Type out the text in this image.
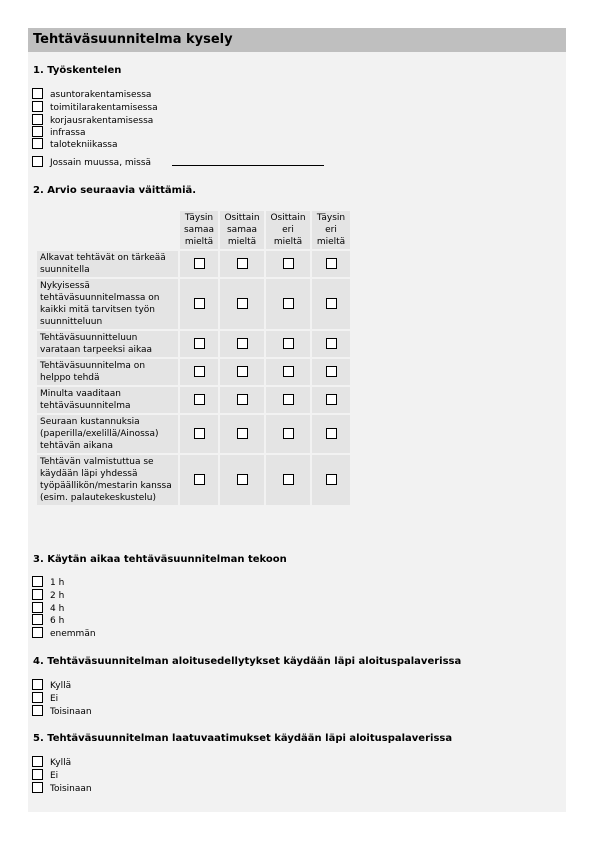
Tehtäväsuunnitelma kysely
1. Työskentelen
asuntorakentamisessa
toimitilarakentamisessa
korjausrakentamisessa
infrassa
talotekniikassa
Jossain muussa, missä
2. Arvio seuraavia väittämiä.
	Täysin samaa mieltä	Osittain samaa mieltä	Osittain eri mieltä	Täysin eri mieltä
Alkavat tehtävät on tärkeää suunnitella				
Nykyisessä tehtäväsuunnitelmassa on kaikki mitä tarvitsen työn suunnitteluun				
Tehtäväsuunnitteluun varataan tarpeeksi aikaa				
Tehtäväsuunnitelma on helppo tehdä				
Minulta vaaditaan tehtäväsuunnitelma				
Seuraan kustannuksia (paperilla/exelillä/Ainossa) tehtävän aikana				
Tehtävän valmistuttua se käydään läpi yhdessä työpäällikön/mestarin kanssa (esim. palautekeskustelu)				
3. Käytän aikaa tehtäväsuunnitelman tekoon
1 h
2 h
4 h
6 h
enemmän
4. Tehtäväsuunnitelman aloitusedellytykset käydään läpi aloituspalaverissa
Kyllä
Ei
Toisinaan
5. Tehtäväsuunnitelman laatuvaatimukset käydään läpi aloituspalaverissa
Kyllä
Ei
Toisinaan
